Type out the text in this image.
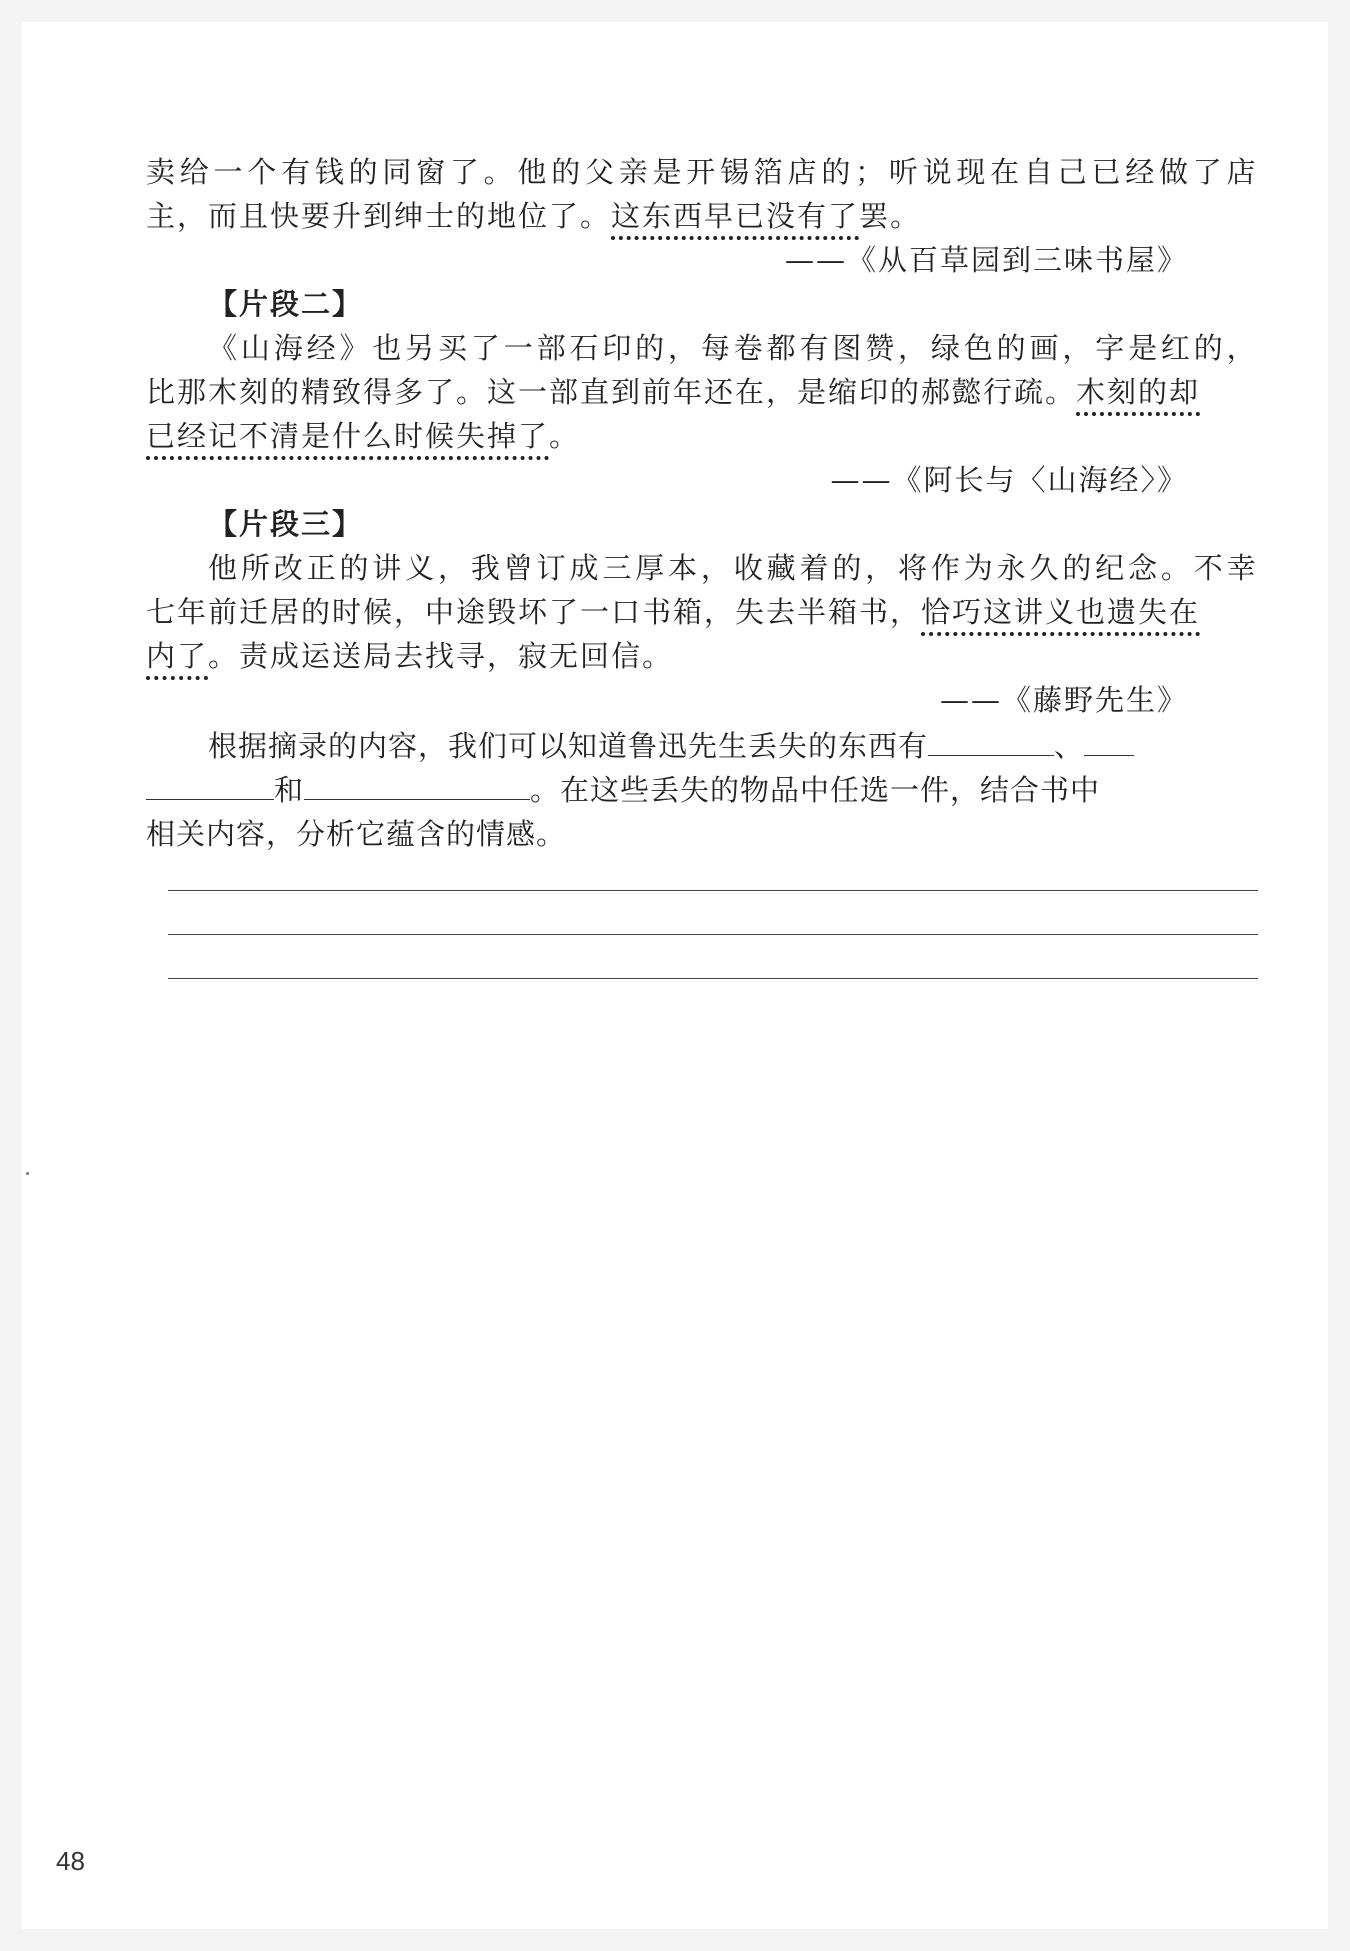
卖 给 一 个 有 钱 的 同 窗 了 。 他 的 父 亲 是 开 锡 箔 店 的 ； 听 说 现 在 自 己 已 经 做 了 店
主，而且快要升到绅士的地位了。这东西早已没有了罢。
——《从百草园到三味书屋》
【片段二】
《 山 海 经 》 也 另 买 了 一 部 石 印 的 ， 每 卷 都 有 图 赞 ， 绿 色 的 画 ， 字 是 红 的 ，
比那木刻的精致得多了。这一部直到前年还在，是缩印的郝懿行疏。木刻的却
已经记不清是什么时候失掉了。
——《阿长与〈山海经〉》
【片段三】
他 所 改 正 的 讲 义 ， 我 曾 订 成 三 厚 本 ， 收 藏 着 的 ， 将 作 为 永 久 的 纪 念 。 不 幸
七年前迁居的时候，中途毁坏了一口书箱，失去半箱书，恰巧这讲义也遗失在
内了。责成运送局去找寻，寂无回信。
——《藤野先生》
根据摘录的内容，我们可以知道鲁迅先生丢失的东西有	、
和	。在这些丢失的物品中任选一件，结合书中
相关内容，分析它蕴含的情感。
48
